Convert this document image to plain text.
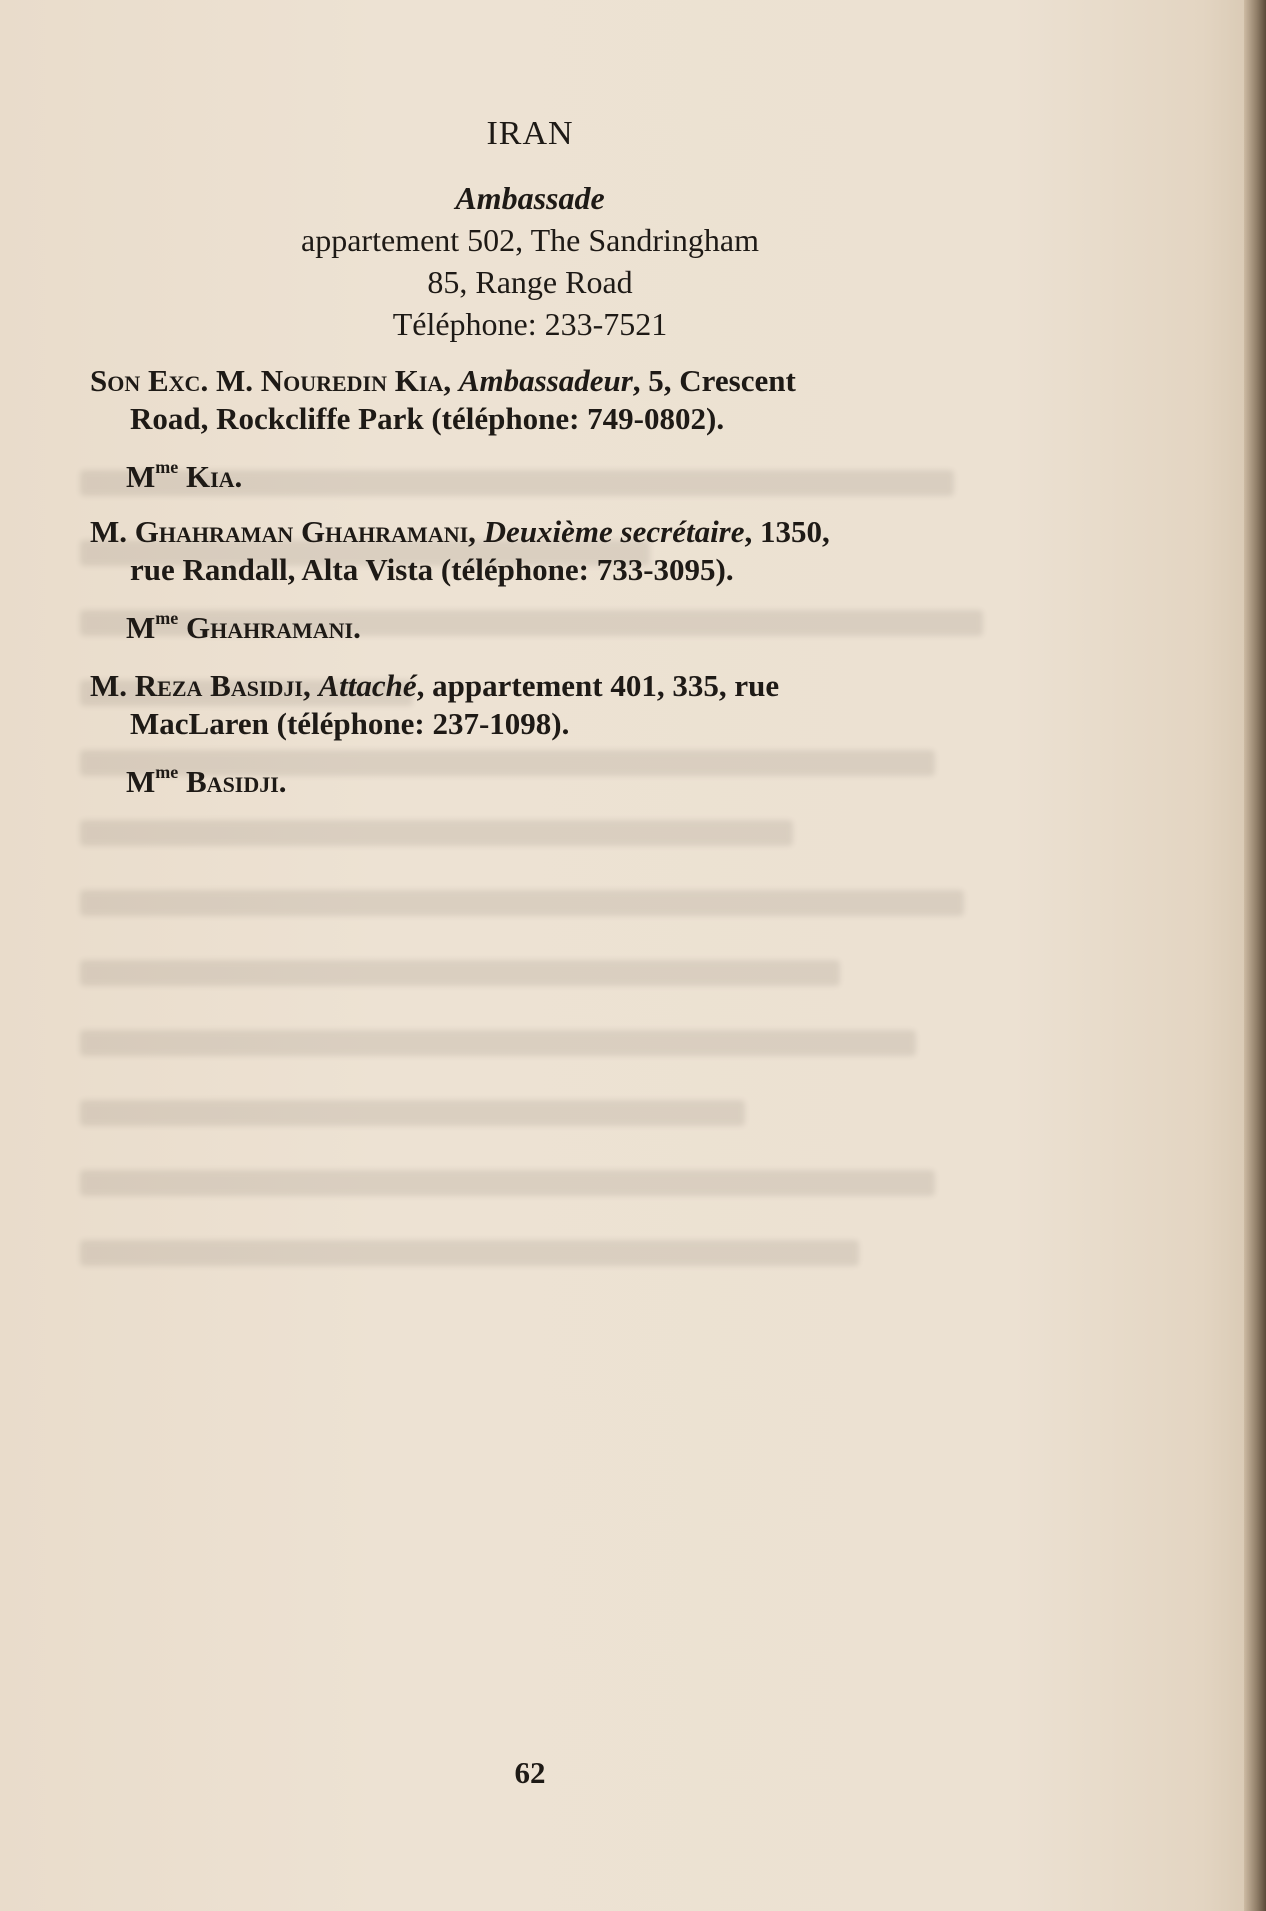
IRAN
Ambassade
appartement 502, The Sandringham
85, Range Road
Téléphone: 233-7521
Son Exc. M. Nouredin Kia, Ambassadeur, 5, Crescent
Road, Rockcliffe Park (téléphone: 749-0802).
$M^{me}$ Kia.
M. Ghahraman Ghahramani, Deuxième secrétaire, 1350,
rue Randall, Alta Vista (téléphone: 733-3095).
$M^{me}$ Ghahramani.
M. Reza Basidji, Attaché, appartement 401, 335, rue
MacLaren (téléphone: 237-1098).
$M^{me}$ Basidji.
62
